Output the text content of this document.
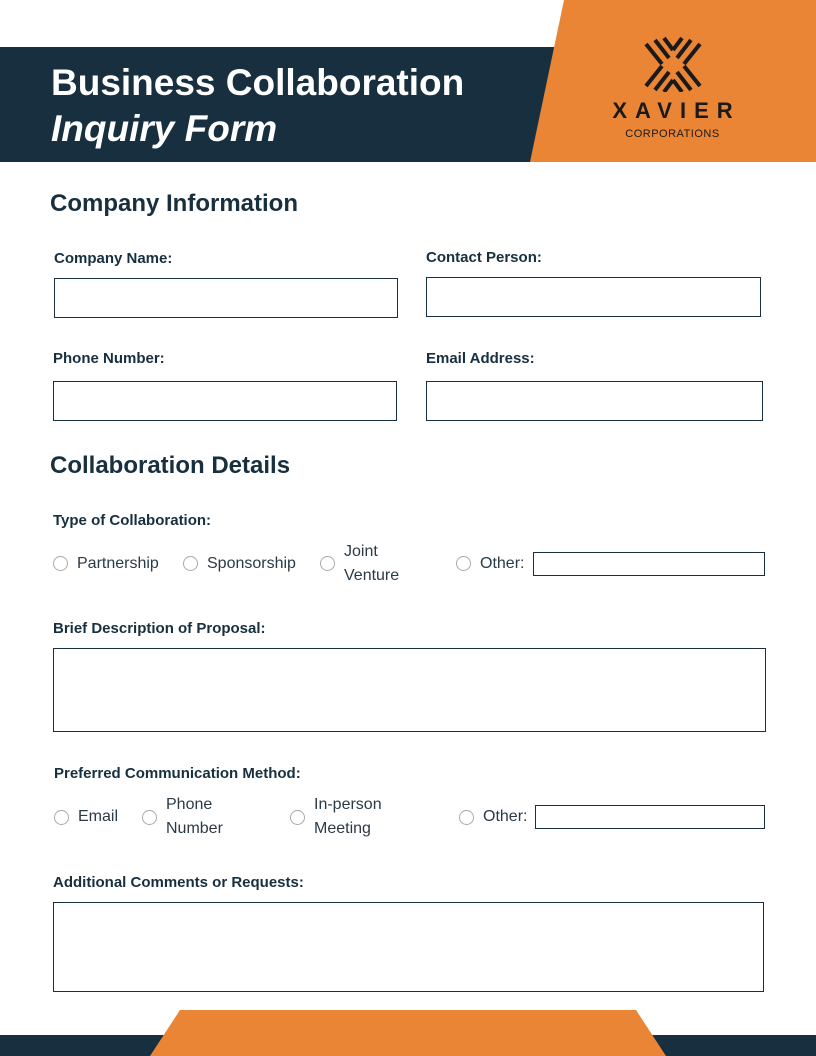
Business Collaboration
Inquiry Form	XAVIER
CORPORATIONS
Company Information
Company Name:	Contact Person:
Phone Number:	Email Address:
Collaboration Details
Type of Collaboration:
Partnership	Sponsorship
Joint Venture
Other:
Brief Description of Proposal:
Preferred Communication Method:
Email
Phone Number
In-person Meeting
Other:
Additional Comments or Requests:
